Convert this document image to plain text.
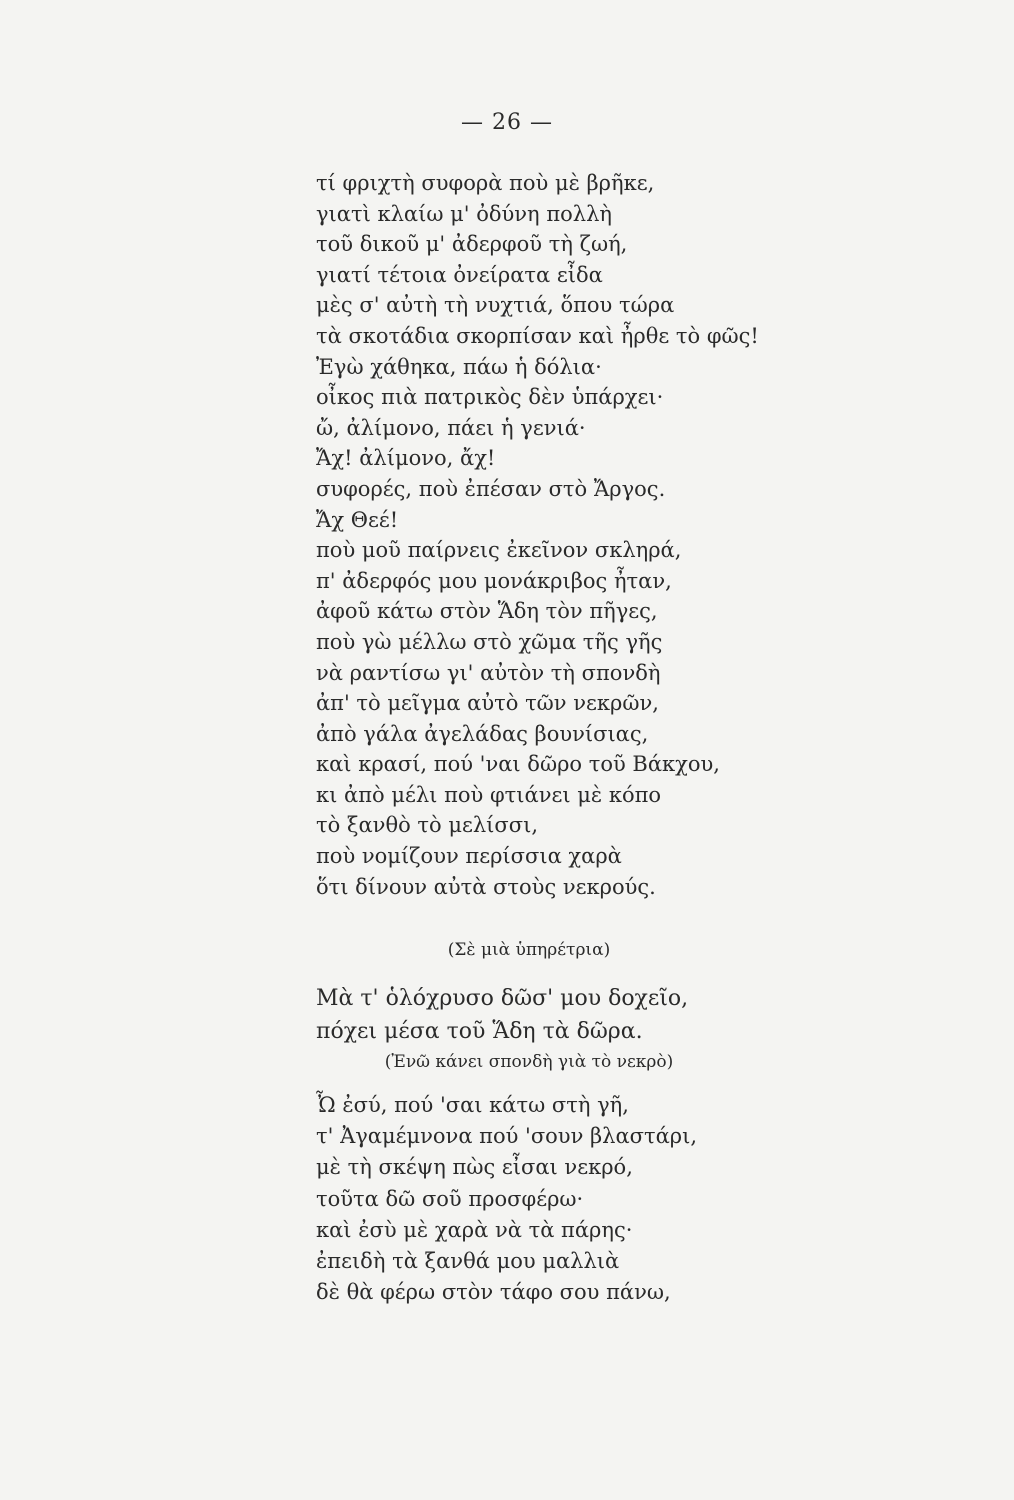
— 26 —
τί φριχτὴ συφορὰ ποὺ μὲ βρῆκε,
γιατὶ κλαίω μ' ὀδύνη πολλὴ
τοῦ δικοῦ μ' ἀδερφοῦ τὴ ζωή,
γιατί τέτοια ὀνείρατα εἶδα
μὲς σ' αὐτὴ τὴ νυχτιά, ὅπου τώρα
τὰ σκοτάδια σκορπίσαν καὶ ἦρθε τὸ φῶς!
Ἐγὼ χάθηκα, πάω ἡ δόλια·
οἶκος πιὰ πατρικὸς δὲν ὑπάρχει·
ὤ, ἀλίμονο, πάει ἡ γενιά·
Ἄχ! ἀλίμονο, ἄχ!
συφορές, ποὺ ἐπέσαν στὸ Ἄργος.
Ἄχ Θεέ!
ποὺ μοῦ παίρνεις ἐκεῖνον σκληρά,
π' ἀδερφός μου μονάκριβος ἦταν,
ἀφοῦ κάτω στὸν Ἅδη τὸν πῆγες,
ποὺ γὼ μέλλω στὸ χῶμα τῆς γῆς
νὰ ραντίσω γι' αὐτὸν τὴ σπονδὴ
ἀπ' τὸ μεῖγμα αὐτὸ τῶν νεκρῶν,
ἀπὸ γάλα ἀγελάδας βουνίσιας,
καὶ κρασί, πού 'ναι δῶρο τοῦ Βάκχου,
κι ἀπὸ μέλι ποὺ φτιάνει μὲ κόπο
τὸ ξανθὸ τὸ μελίσσι,
ποὺ νομίζουν περίσσια χαρὰ
ὅτι δίνουν αὐτὰ στοὺς νεκρούς.
(Σὲ μιὰ ὑπηρέτρια)
Μὰ τ' ὁλόχρυσο δῶσ' μου δοχεῖο,
πόχει μέσα τοῦ Ἅδη τὰ δῶρα.
(Ἐνῶ κάνει σπονδὴ γιὰ τὸ νεκρὸ)
Ὦ ἐσύ, πού 'σαι κάτω στὴ γῆ,
τ' Ἀγαμέμνονα πού 'σουν βλαστάρι,
μὲ τὴ σκέψη πὼς εἶσαι νεκρό,
τοῦτα δῶ σοῦ προσφέρω·
καὶ ἐσὺ μὲ χαρὰ νὰ τὰ πάρης·
ἐπειδὴ τὰ ξανθά μου μαλλιὰ
δὲ θὰ φέρω στὸν τάφο σου πάνω,
